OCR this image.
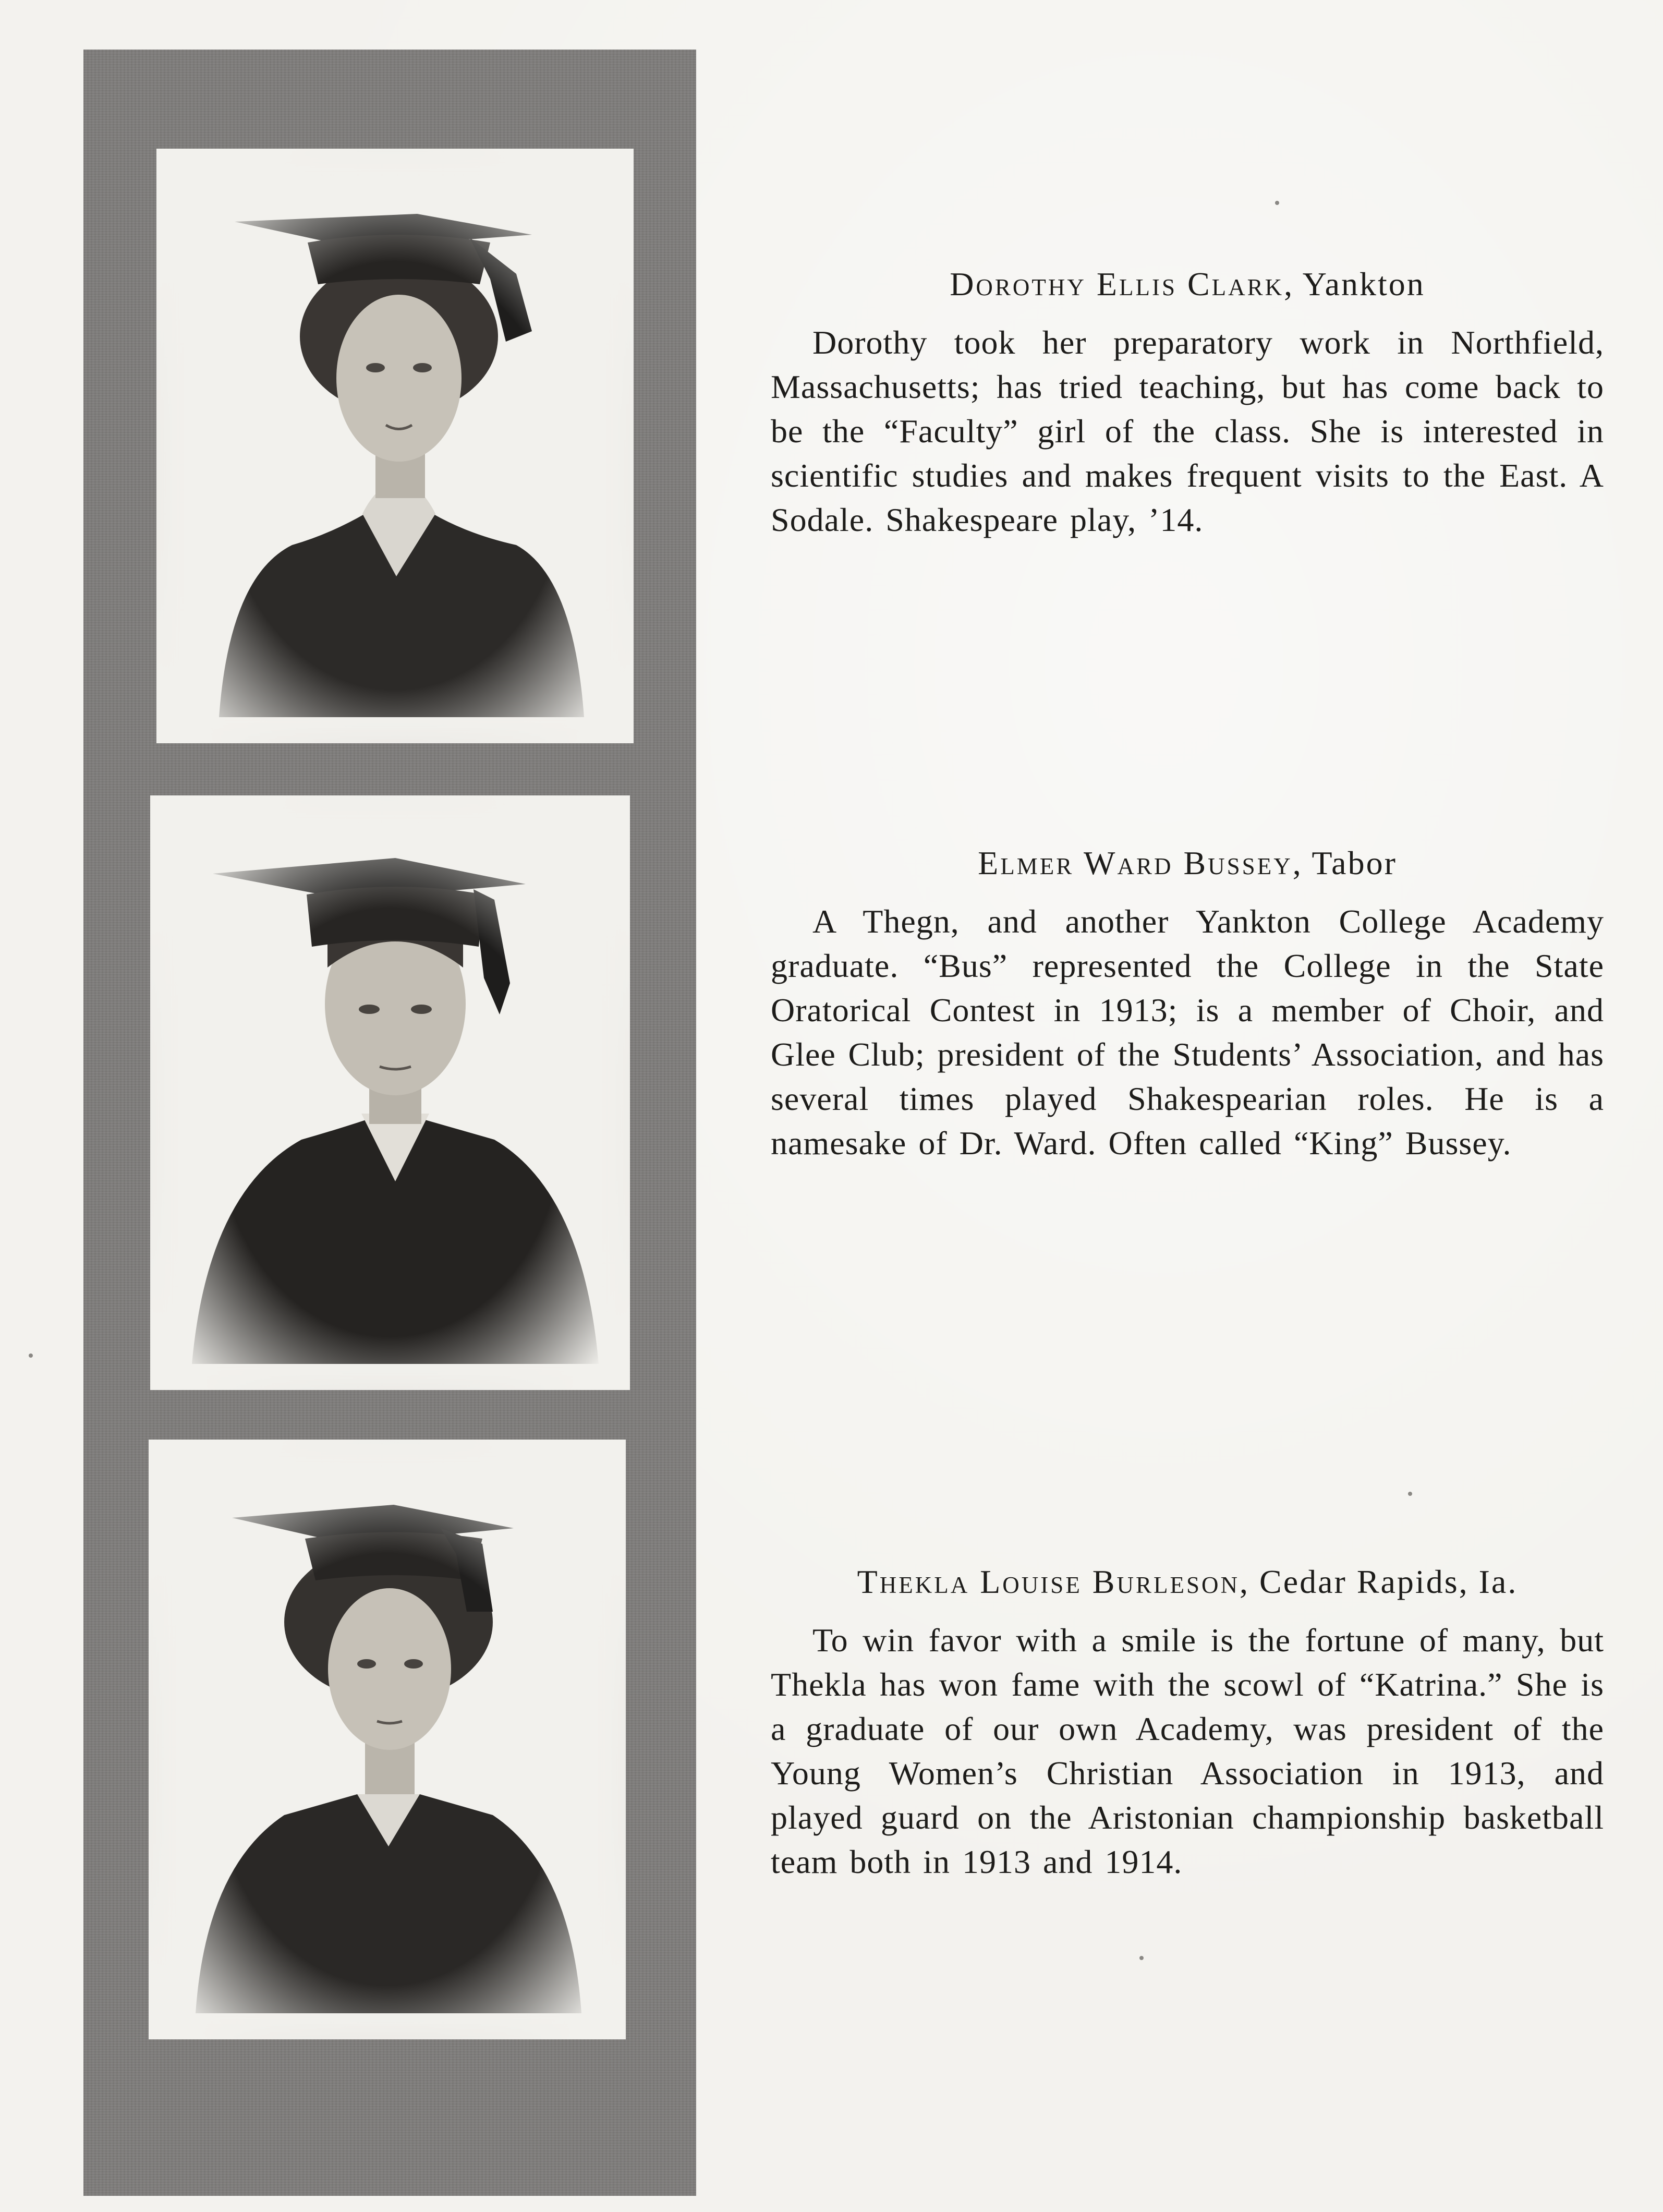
Dorothy Ellis Clark, Yankton

Dorothy took her preparatory work in Northfield, Massachusetts; has tried teaching, but has come back to be the “Faculty” girl of the class. She is interested in scientific studies and makes frequent visits to the East. A Sodale. Shakespeare play, ’14.

Elmer Ward Bussey, Tabor

A Thegn, and another Yankton College Academy graduate. “Bus” represented the College in the State Oratorical Contest in 1913; is a member of Choir, and Glee Club; president of the Students’ Association, and has several times played Shakespearian roles. He is a namesake of Dr. Ward. Often called “King” Bussey.

Thekla Louise Burleson, Cedar Rapids, Ia.

To win favor with a smile is the fortune of many, but Thekla has won fame with the scowl of “Katrina.” She is a graduate of our own Academy, was president of the Young Women’s Christian Association in 1913, and played guard on the Aristonian championship basketball team both in 1913 and 1914.
